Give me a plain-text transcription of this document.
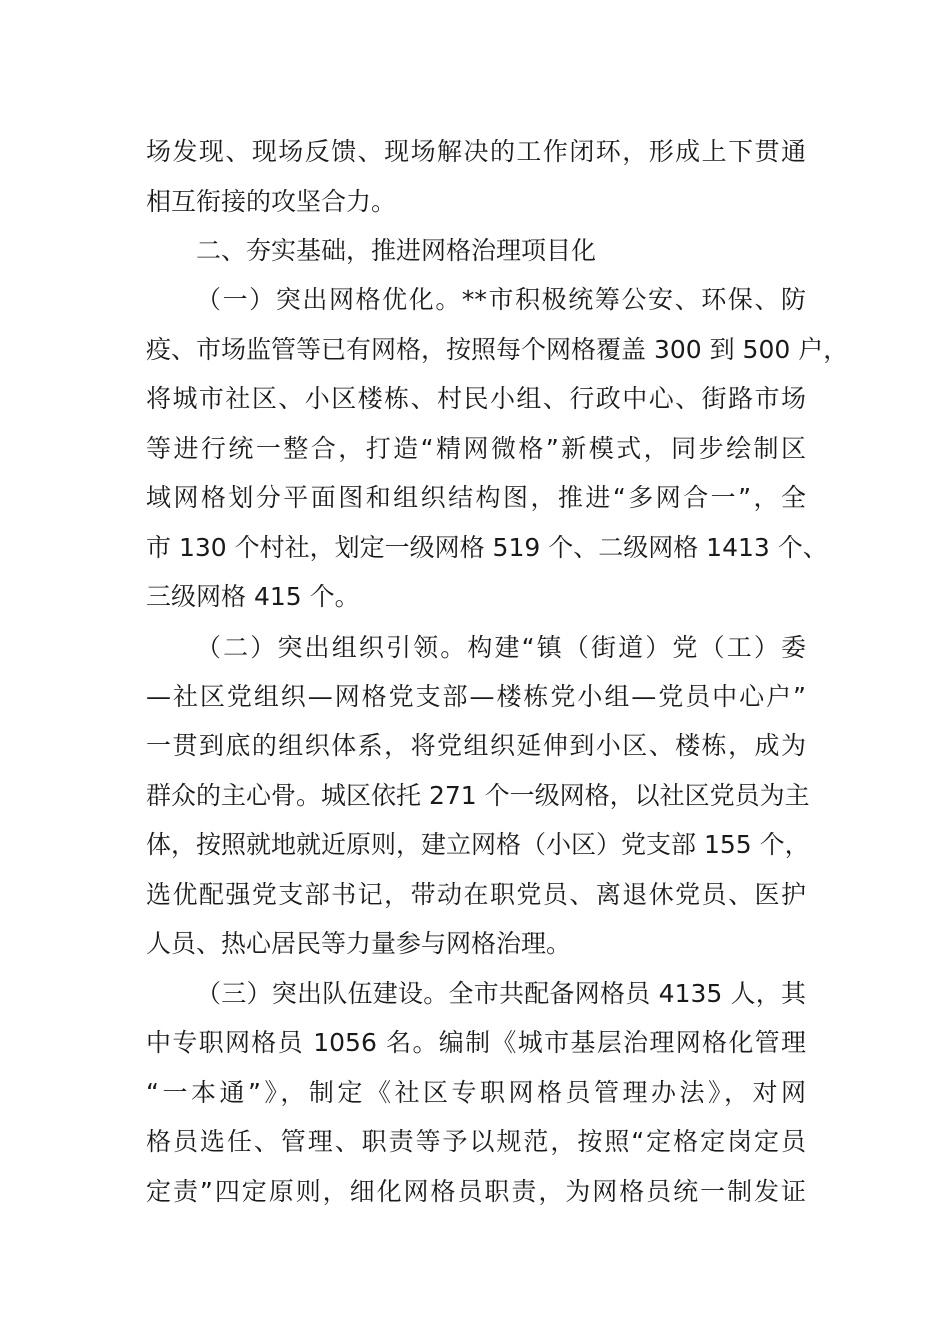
场发现、现场反馈、现场解决的工作闭环，形成上下贯通
相互衔接的攻坚合力。
二、夯实基础，推进网格治理项目化
（一）突出网格优化。**市积极统筹公安、环保、防
疫、市场监管等已有网格，按照每个网格覆盖 300 到 500 户，
将城市社区、小区楼栋、村民小组、行政中心、街路市场
等进行统一整合，打造“精网微格”新模式，同步绘制区
域网格划分平面图和组织结构图，推进“多网合一”，全
市 130 个村社，划定一级网格 519 个、二级网格 1413 个、
三级网格 415 个。
（二）突出组织引领。构建“镇（街道）党（工）委
—社区党组织—网格党支部—楼栋党小组—党员中心户”
一贯到底的组织体系，将党组织延伸到小区、楼栋，成为
群众的主心骨。城区依托 271 个一级网格，以社区党员为主
体，按照就地就近原则，建立网格（小区）党支部 155 个，
选优配强党支部书记，带动在职党员、离退休党员、医护
人员、热心居民等力量参与网格治理。
（三）突出队伍建设。全市共配备网格员 4135 人，其
中专职网格员 1056 名。编制《城市基层治理网格化管理
“一本通”》，制定《社区专职网格员管理办法》，对网
格员选任、管理、职责等予以规范，按照“定格定岗定员
定责”四定原则，细化网格员职责，为网格员统一制发证
